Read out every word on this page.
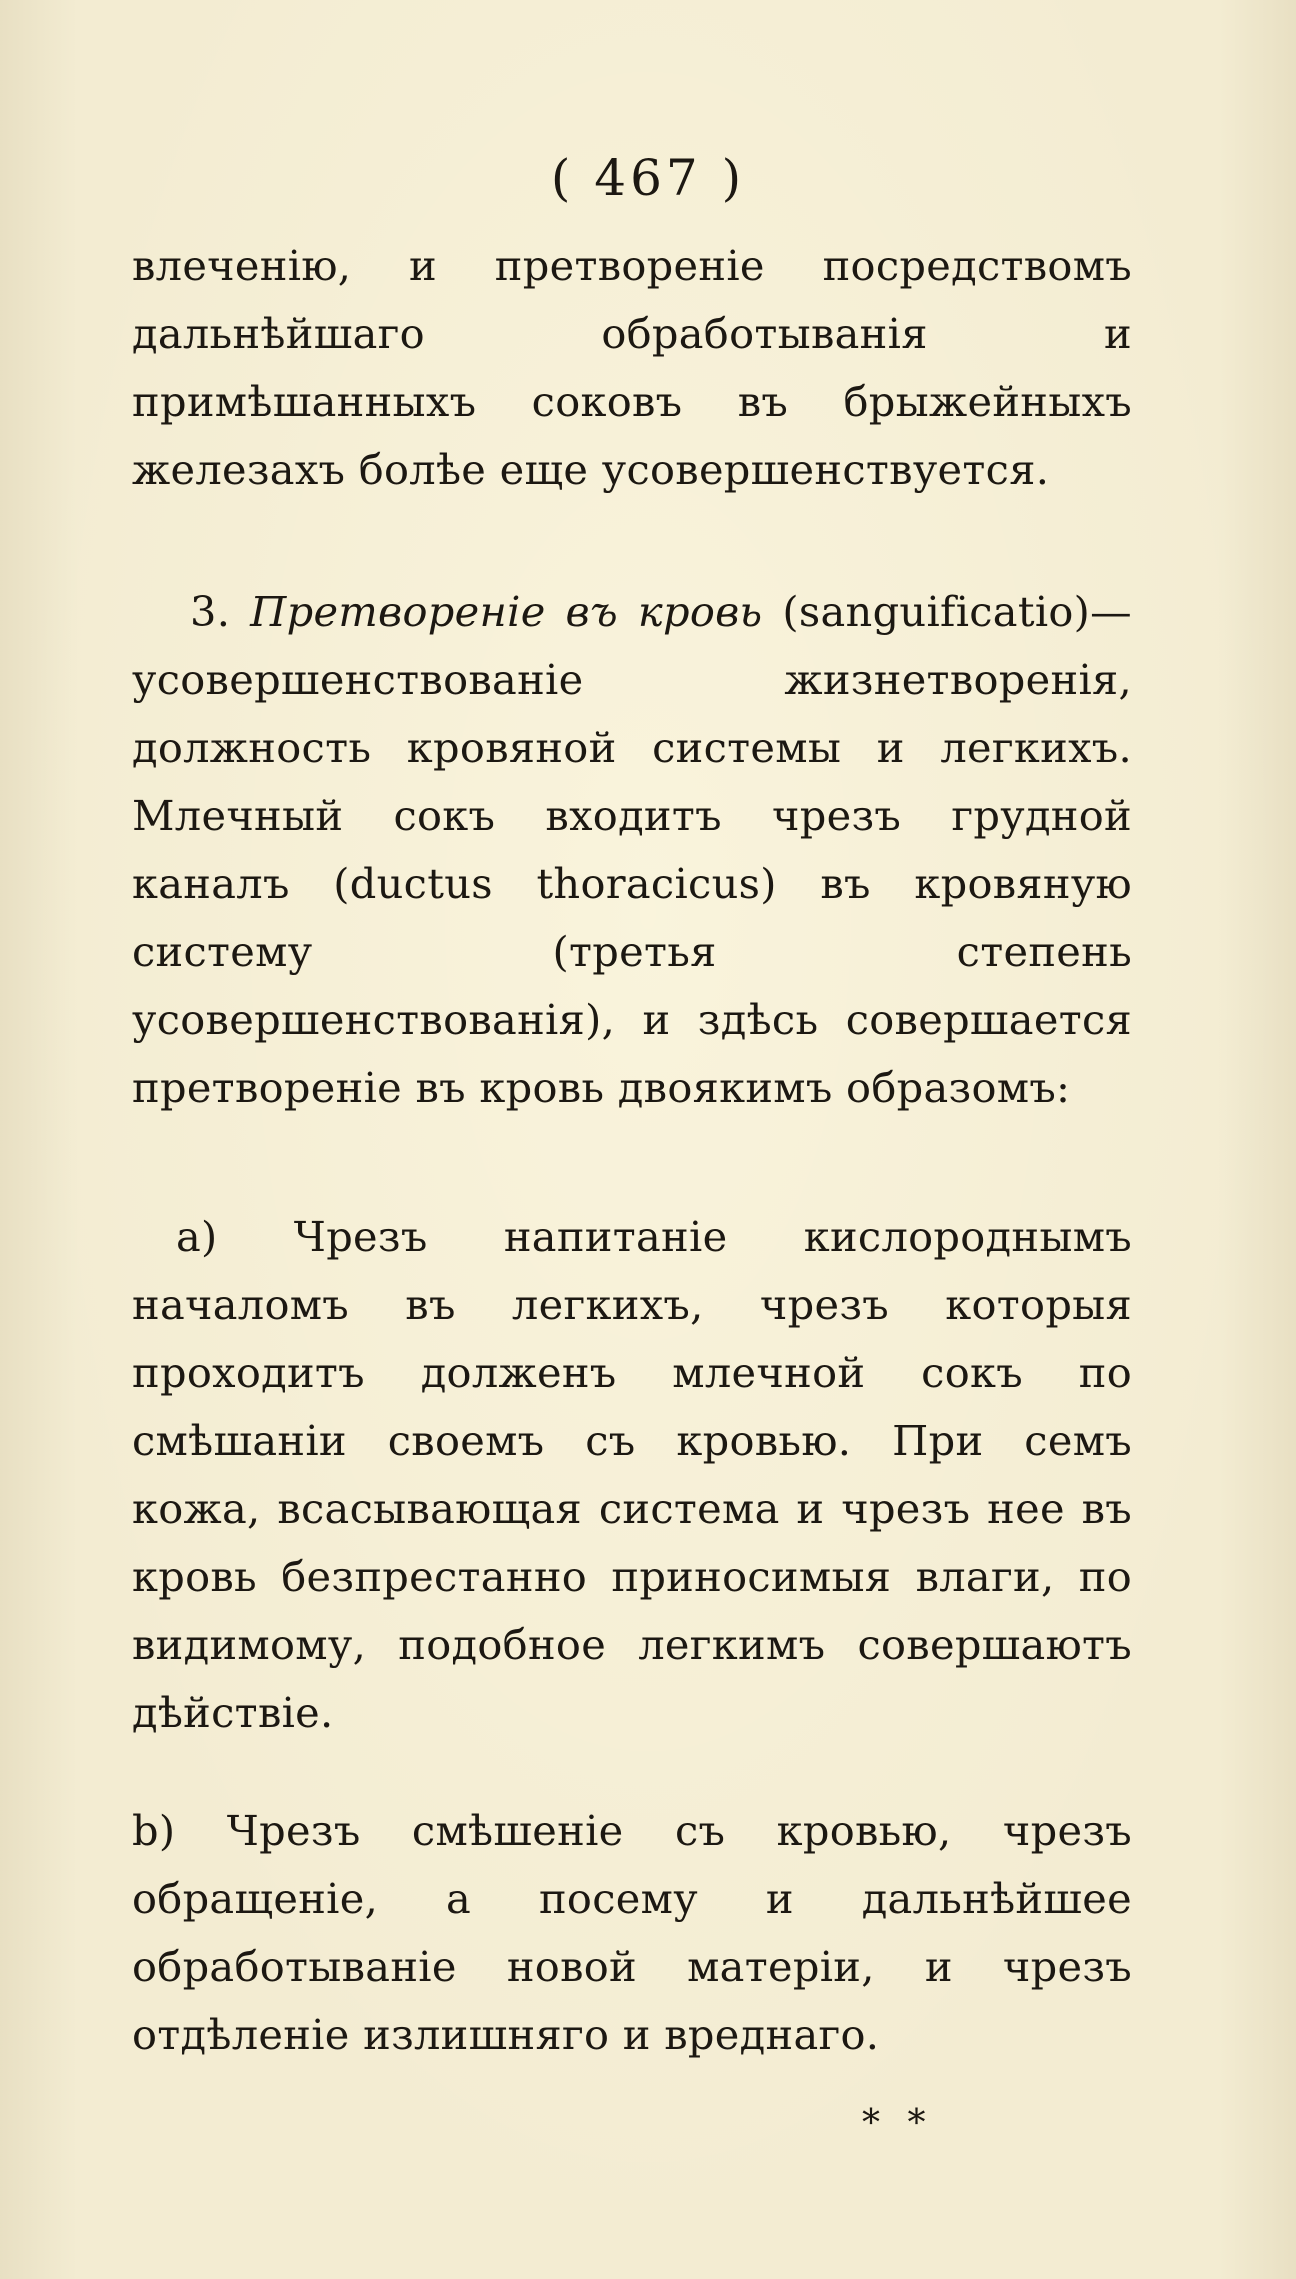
( 467 )
влеченію, и претвореніе посредствомъ дальнѣйшаго обработыванія и примѣшанныхъ соковъ въ брыжейныхъ железахъ болѣе еще усовершенствуется.
3. Претвореніе въ кровь (sanguificatio)—усовершенствованіе жизнетворенія, должность кровяной системы и легкихъ. Млечный сокъ входитъ чрезъ грудной каналъ (ductus thoracicus) въ кровяную систему (третья степень усовершенствованія), и здѣсь совершается претвореніе въ кровь двоякимъ образомъ:
а) Чрезъ напитаніе кислороднымъ началомъ въ легкихъ, чрезъ которыя проходитъ долженъ млечной сокъ по смѣшаніи своемъ съ кровью. При семъ кожа, всасывающая система и чрезъ нее въ кровь безпрестанно приносимыя влаги, по видимому, подобное легкимъ совершаютъ дѣйствіе.
b) Чрезъ смѣшеніе съ кровью, чрезъ обращеніе, а посему и дальнѣйшее обработываніе новой матеріи, и чрезъ отдѣленіе излишняго и вреднаго.
* *
